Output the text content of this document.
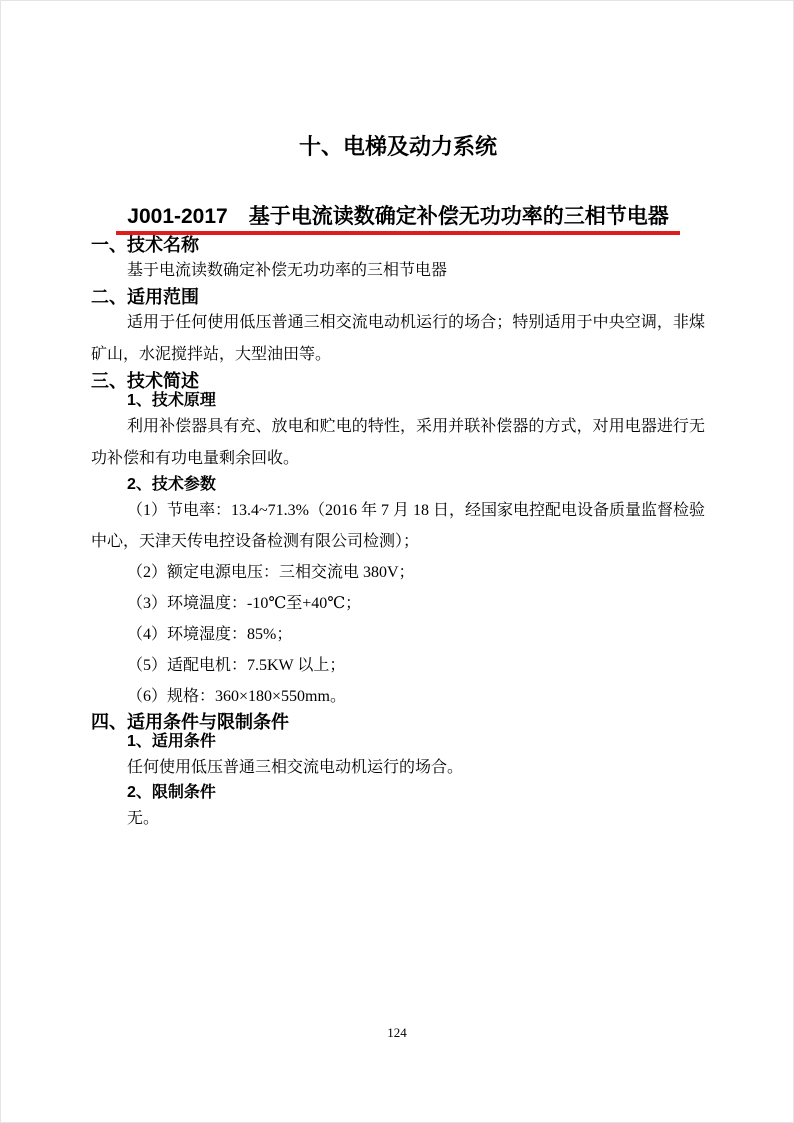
十、电梯及动力系统
J001-2017　基于电流读数确定补偿无功功率的三相节电器
一、技术名称

基于电流读数确定补偿无功功率的三相节电器

二、适用范围

适用于任何使用低压普通三相交流电动机运行的场合；特别适用于中央空调，非煤矿山，水泥搅拌站，大型油田等。

三、技术简述
1、技术原理

利用补偿器具有充、放电和贮电的特性，采用并联补偿器的方式，对用电器进行无功补偿和有功电量剩余回收。

2、技术参数

（1）节电率：13.4~71.3%（2016 年 7 月 18 日，经国家电控配电设备质量监督检验中心，天津天传电控设备检测有限公司检测）；

（2）额定电源电压：三相交流电 380V；

（3）环境温度：-10℃至+40℃；

（4）环境湿度：85%；

（5）适配电机：7.5KW 以上；

（6）规格：360×180×550mm。

四、适用条件与限制条件
1、适用条件

任何使用低压普通三相交流电动机运行的场合。

2、限制条件

无。

124
